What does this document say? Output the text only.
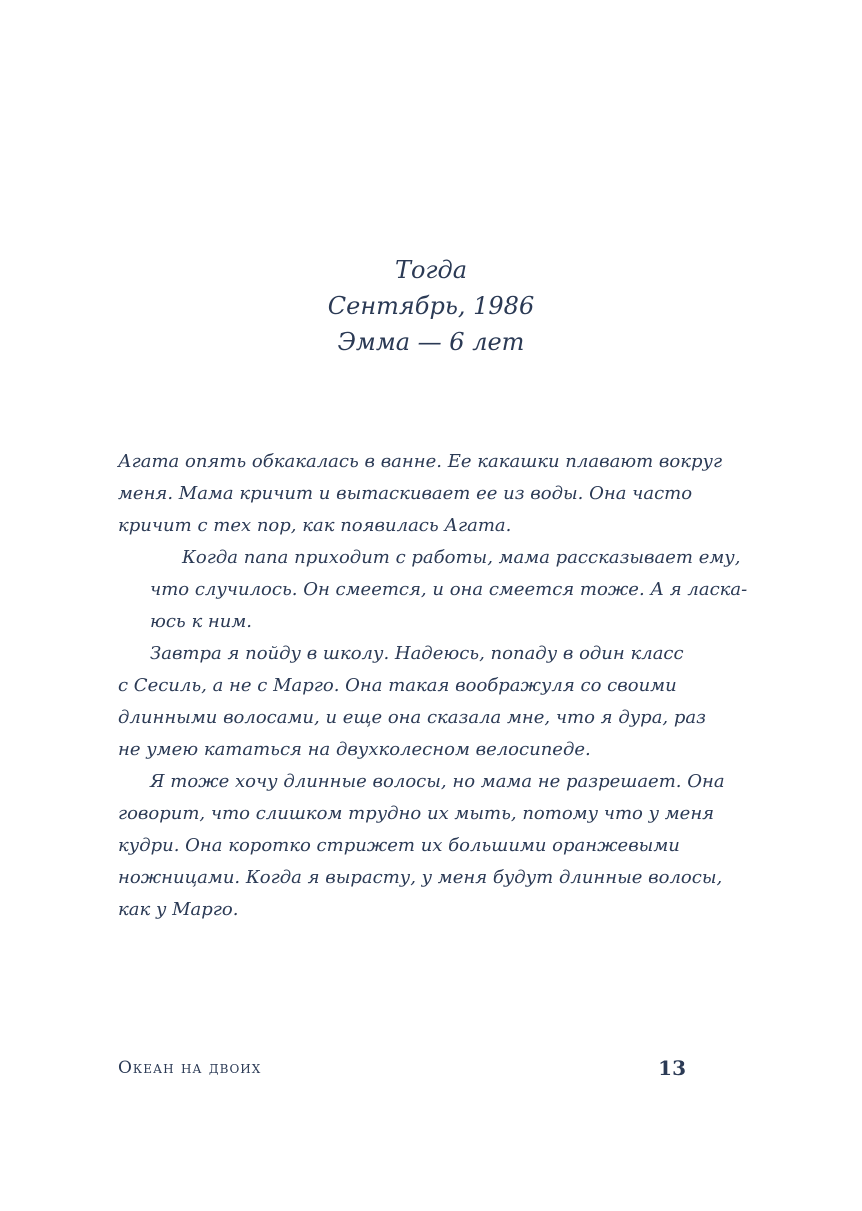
Тогда
Сентябрь, 1986
Эмма — 6 лет

Агата опять обкакалась в ванне. Ее какашки плавают вокруг
меня. Мама кричит и вытаскивает ее из воды. Она часто
кричит с тех пор, как появилась Агата.

Когда папа приходит с работы, мама рассказывает ему,
что случилось. Он смеется, и она смеется тоже. А я ласка-
юсь к ним.

Завтра я пойду в школу. Надеюсь, попаду в один класс
с Сесиль, а не с Марго. Она такая воображуля со своими
длинными волосами, и еще она сказала мне, что я дура, раз
не умею кататься на двухколесном велосипеде.

Я тоже хочу длинные волосы, но мама не разрешает. Она
говорит, что слишком трудно их мыть, потому что у меня
кудри. Она коротко стрижет их большими оранжевыми
ножницами. Когда я вырасту, у меня будут длинные волосы,
как у Марго.

Океан на двоих	13
